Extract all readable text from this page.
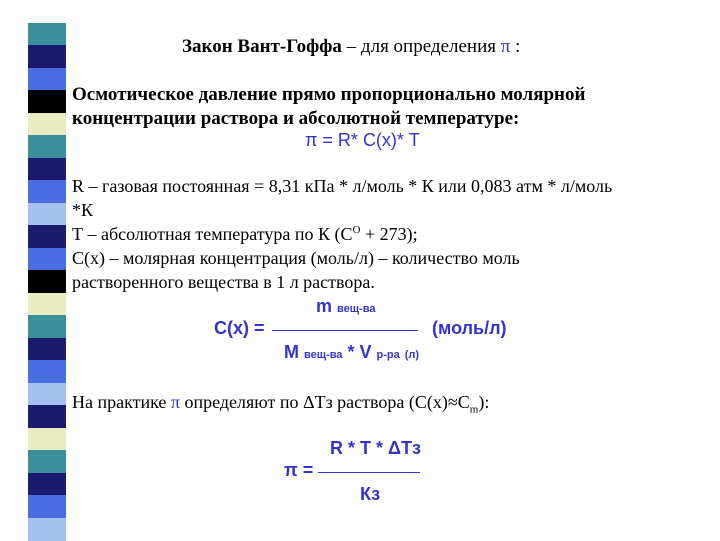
Закон Вант-Гоффа – для определения π :
Осмотическое давление прямо пропорционально молярной
концентрации раствора и абсолютной температуре:
π = R* С(x)* Т
R – газовая постоянная = 8,31 кПа * л/моль * К или 0,083 атм * л/моль
*К
Т – абсолютная температура по К $(С^O + 273)$;
С(х) – молярная концентрация (моль/л) – количество моль
растворенного вещества в 1 л раствора.
m вещ-ва
С(х) =	(моль/л)
М вещ-ва * V р-ра (л)
На практике π определяют по ΔТз раствора $(С(х)\approx С_m)$:
R * T * ΔТз
π =
Кз
